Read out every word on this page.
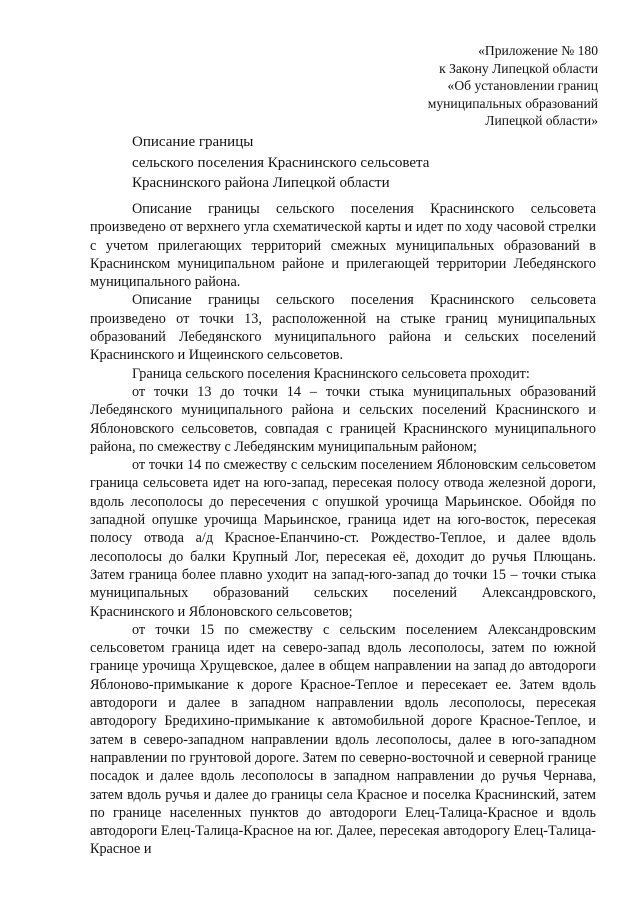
«Приложение № 180
к Закону Липецкой области
«Об установлении границ
муниципальных образований
Липецкой области»
Описание границы
сельского поселения Краснинского сельсовета
Краснинского района Липецкой области

Описание границы сельского поселения Краснинского сельсовета произведено от верхнего угла схематической карты и идет по ходу часовой стрелки с учетом прилегающих территорий смежных муниципальных образований в Краснинском муниципальном районе и прилегающей территории Лебедянского муниципального района.

Описание границы сельского поселения Краснинского сельсовета произведено от точки 13, расположенной на стыке границ муниципальных образований Лебедянского муниципального района и сельских поселений Краснинского и Ищеинского сельсоветов.

Граница сельского поселения Краснинского сельсовета проходит:

от точки 13 до точки 14 – точки стыка муниципальных образований Лебедянского муниципального района и сельских поселений Краснинского и Яблоновского сельсоветов, совпадая с границей Краснинского муниципального района, по смежеству с Лебедянским муниципальным районом;

от точки 14 по смежеству с сельским поселением Яблоновским сельсоветом граница сельсовета идет на юго-запад, пересекая полосу отвода железной дороги, вдоль лесополосы до пересечения с опушкой урочища Марьинское. Обойдя по западной опушке урочища Марьинское, граница идет на юго-восток, пересекая полосу отвода а/д Красное-Епанчино-ст. Рождество-Теплое, и далее вдоль лесополосы до балки Крупный Лог, пересекая её, доходит до ручья Плющань. Затем граница более плавно уходит на запад-юго-запад до точки 15 – точки стыка муниципальных образований сельских поселений Александровского, Краснинского и Яблоновского сельсоветов;

от точки 15 по смежеству с сельским поселением Александровским сельсоветом граница идет на северо-запад вдоль лесополосы, затем по южной границе урочища Хрущевское, далее в общем направлении на запад до автодороги Яблоново-примыкание к дороге Красное-Теплое и пересекает ее. Затем вдоль автодороги и далее в западном направлении вдоль лесополосы, пересекая автодорогу Бредихино-примыкание к автомобильной дороге Красное-Теплое, и затем в северо-западном направлении вдоль лесополосы, далее в юго-западном направлении по грунтовой дороге. Затем по северно-восточной и северной границе посадок и далее вдоль лесополосы в западном направлении до ручья Чернава, затем вдоль ручья и далее до границы села Красное и поселка Краснинский, затем по границе населенных пунктов до автодороги Елец-Талица-Красное и вдоль автодороги Елец-Талица-Красное на юг. Далее, пересекая автодорогу Елец-Талица-Красное и
